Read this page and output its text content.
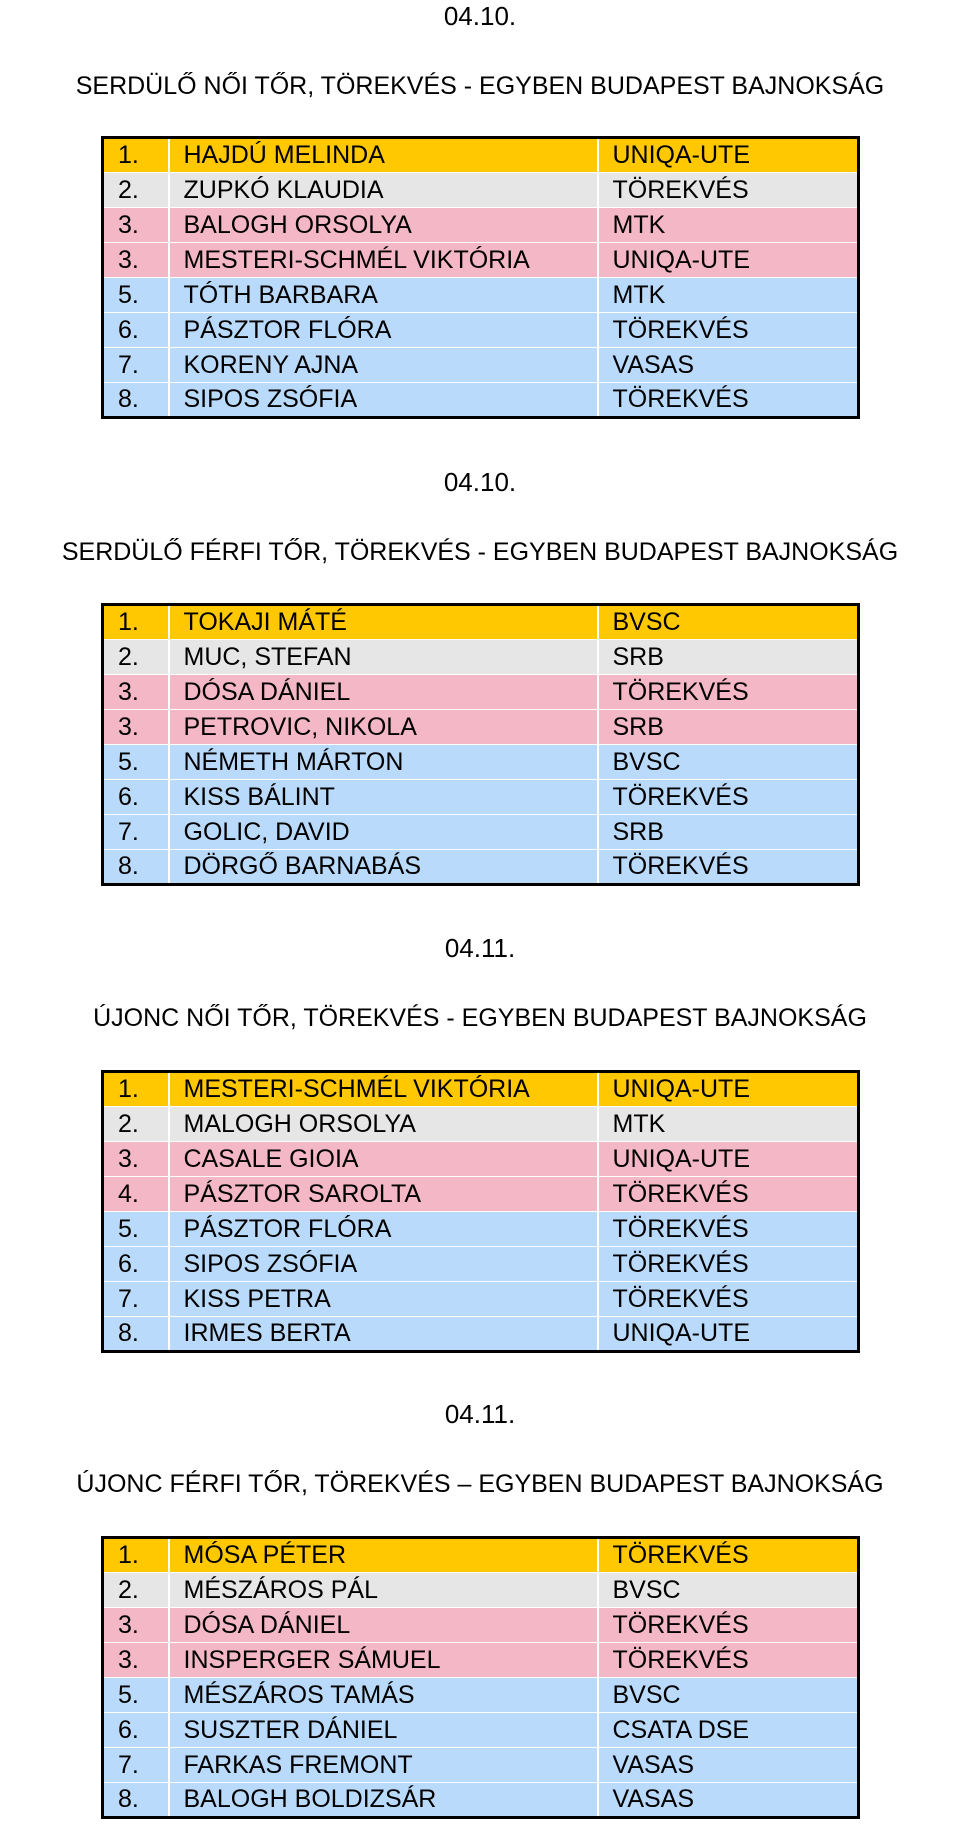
04.10.
SERDÜLŐ NŐI TŐR, TÖREKVÉS - EGYBEN BUDAPEST BAJNOKSÁG
1.	HAJDÚ MELINDA	UNIQA-UTE
2.	ZUPKÓ KLAUDIA	TÖREKVÉS
3.	BALOGH ORSOLYA	MTK
3.	MESTERI-SCHMÉL VIKTÓRIA	UNIQA-UTE
5.	TÓTH BARBARA	MTK
6.	PÁSZTOR FLÓRA	TÖREKVÉS
7.	KORENY AJNA	VASAS
8.	SIPOS ZSÓFIA	TÖREKVÉS
04.10.
SERDÜLŐ FÉRFI TŐR, TÖREKVÉS - EGYBEN BUDAPEST BAJNOKSÁG
1.	TOKAJI MÁTÉ	BVSC
2.	MUC, STEFAN	SRB
3.	DÓSA DÁNIEL	TÖREKVÉS
3.	PETROVIC, NIKOLA	SRB
5.	NÉMETH MÁRTON	BVSC
6.	KISS BÁLINT	TÖREKVÉS
7.	GOLIC, DAVID	SRB
8.	DÖRGŐ BARNABÁS	TÖREKVÉS
04.11.
ÚJONC NŐI TŐR, TÖREKVÉS - EGYBEN BUDAPEST BAJNOKSÁG
1.	MESTERI-SCHMÉL VIKTÓRIA	UNIQA-UTE
2.	MALOGH ORSOLYA	MTK
3.	CASALE GIOIA	UNIQA-UTE
4.	PÁSZTOR SAROLTA	TÖREKVÉS
5.	PÁSZTOR FLÓRA	TÖREKVÉS
6.	SIPOS ZSÓFIA	TÖREKVÉS
7.	KISS PETRA	TÖREKVÉS
8.	IRMES BERTA	UNIQA-UTE
04.11.
ÚJONC FÉRFI TŐR, TÖREKVÉS – EGYBEN BUDAPEST BAJNOKSÁG
1.	MÓSA PÉTER	TÖREKVÉS
2.	MÉSZÁROS PÁL	BVSC
3.	DÓSA DÁNIEL	TÖREKVÉS
3.	INSPERGER SÁMUEL	TÖREKVÉS
5.	MÉSZÁROS TAMÁS	BVSC
6.	SUSZTER DÁNIEL	CSATA DSE
7.	FARKAS FREMONT	VASAS
8.	BALOGH BOLDIZSÁR	VASAS
